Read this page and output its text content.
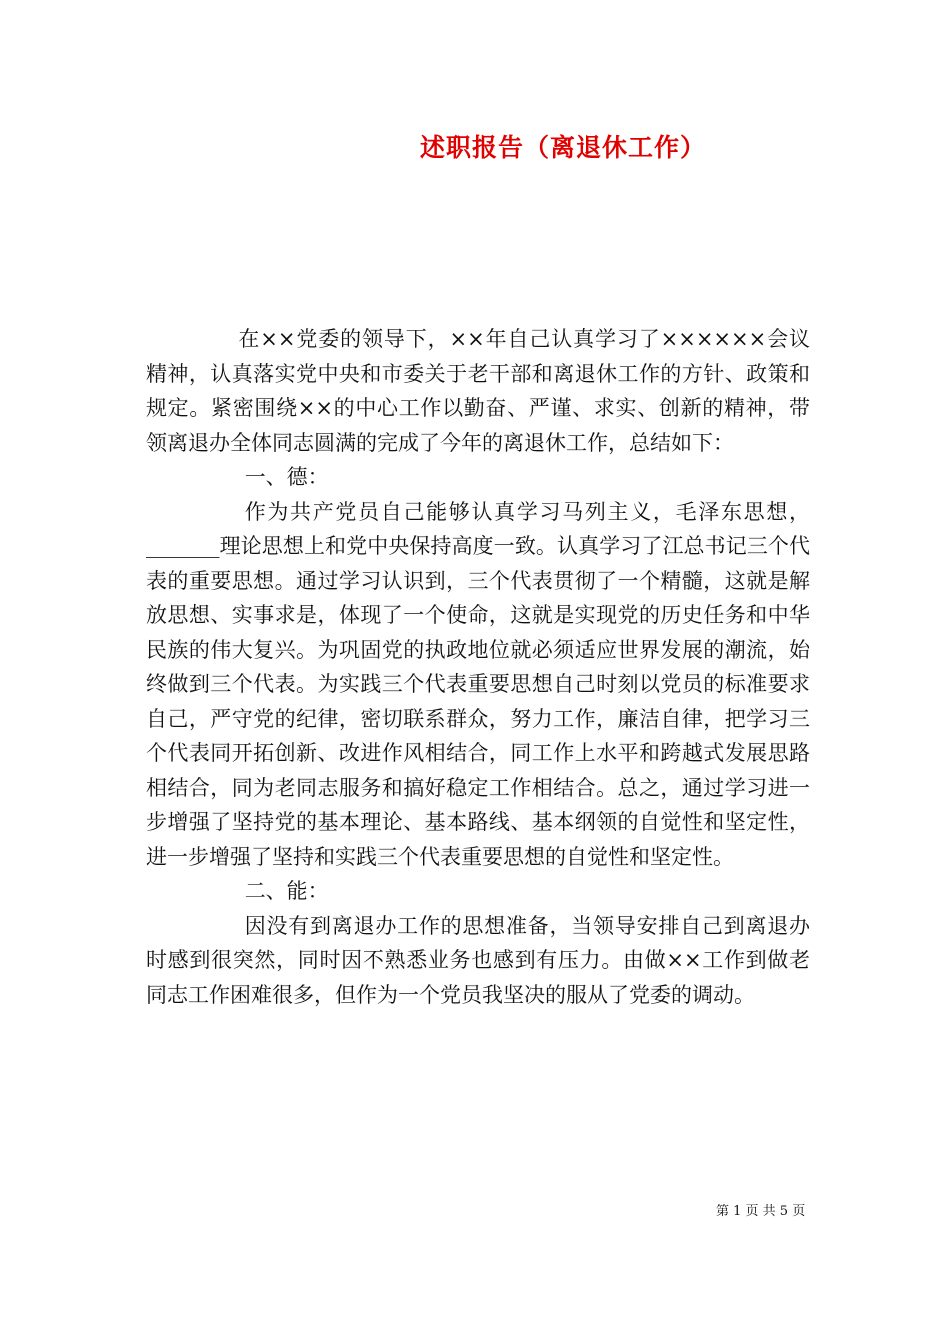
述职报告（离退休工作）

在××党委的领导下，××年自己认真学习了××××××会议精神，认真落实党中央和市委关于老干部和离退休工作的方针、政策和规定。紧密围绕××的中心工作以勤奋、严谨、求实、创新的精神，带领离退办全体同志圆满的完成了今年的离退休工作，总结如下：

一、德：

作为共产党员自己能够认真学习马列主义，毛泽东思想，_______理论思想上和党中央保持高度一致。认真学习了江总书记三个代表的重要思想。通过学习认识到，三个代表贯彻了一个精髓，这就是解放思想、实事求是，体现了一个使命，这就是实现党的历史任务和中华民族的伟大复兴。为巩固党的执政地位就必须适应世界发展的潮流，始终做到三个代表。为实践三个代表重要思想自己时刻以党员的标准要求自己，严守党的纪律，密切联系群众，努力工作，廉洁自律，把学习三个代表同开拓创新、改进作风相结合，同工作上水平和跨越式发展思路相结合，同为老同志服务和搞好稳定工作相结合。总之，通过学习进一步增强了坚持党的基本理论、基本路线、基本纲领的自觉性和坚定性，进一步增强了坚持和实践三个代表重要思想的自觉性和坚定性。

二、能：

因没有到离退办工作的思想准备，当领导安排自己到离退办时感到很突然，同时因不熟悉业务也感到有压力。由做××工作到做老同志工作困难很多，但作为一个党员我坚决的服从了党委的调动。

第 1 页 共 5 页
